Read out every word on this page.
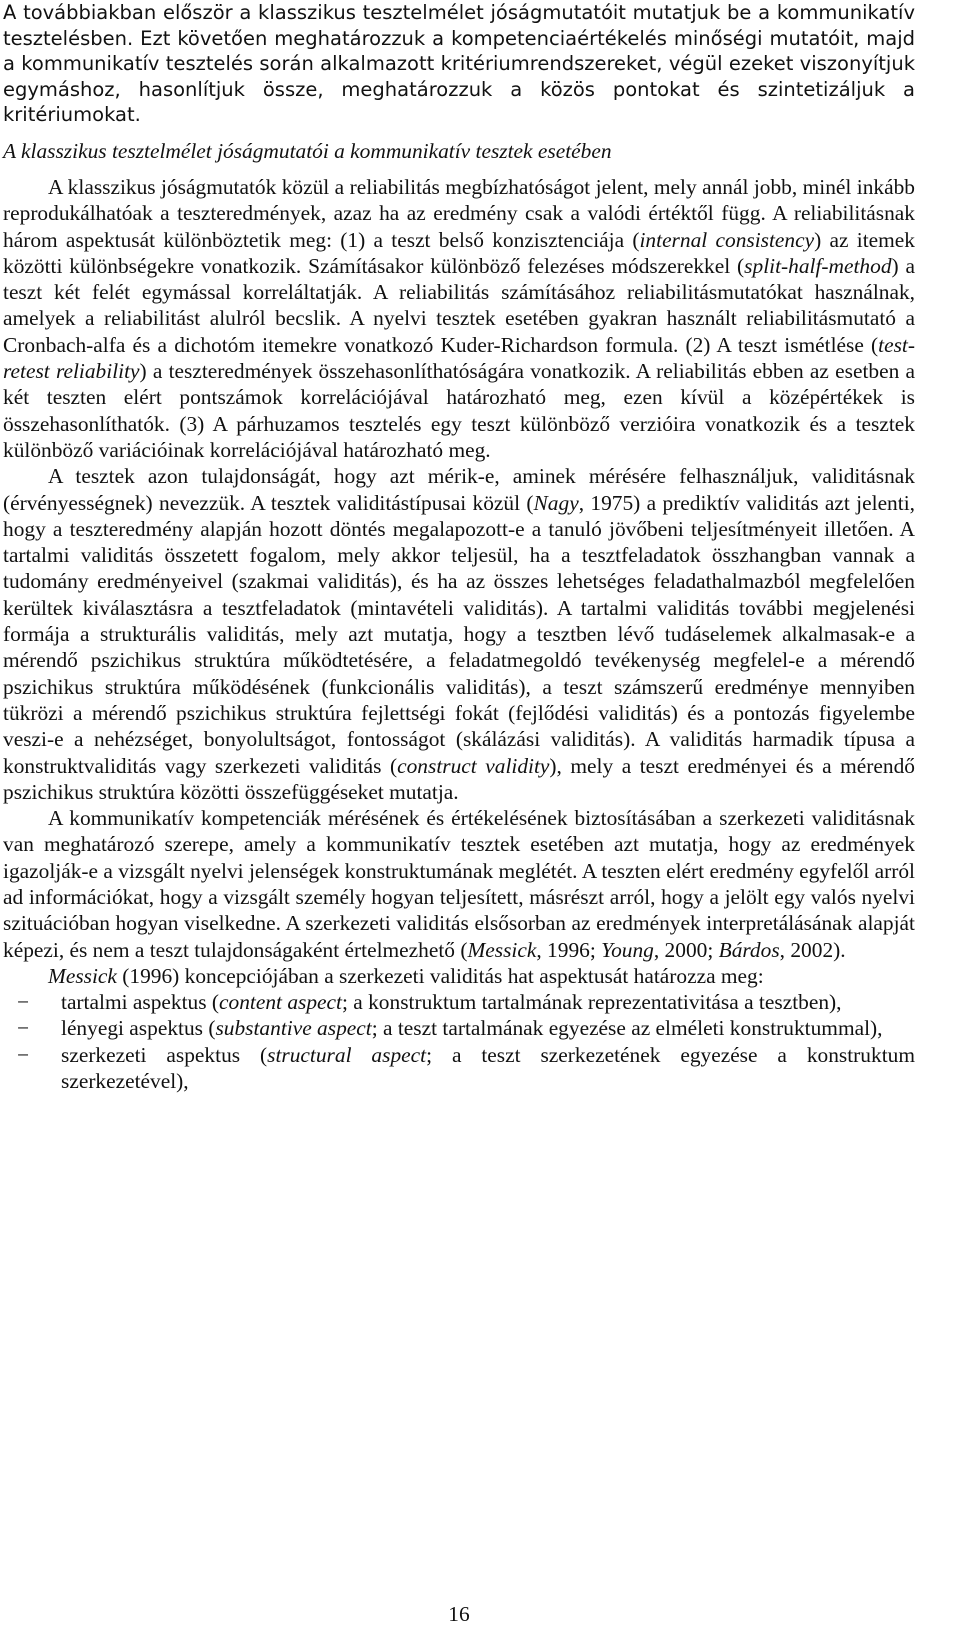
A továbbiakban először a klasszikus tesztelmélet jóságmutatóit mutatjuk be a kommunikatív tesztelésben. Ezt követően meghatározzuk a kompetenciaértékelés minőségi mutatóit, majd a kommunikatív tesztelés során alkalmazott kritériumrendszereket, végül ezeket viszonyítjuk egymáshoz, hasonlítjuk össze, meghatározzuk a közös pontokat és szintetizáljuk a kritériumokat.

A klasszikus tesztelmélet jóságmutatói a kommunikatív tesztek esetében

A klasszikus jóságmutatók közül a reliabilitás megbízhatóságot jelent, mely annál jobb, minél inkább reprodukálhatóak a teszteredmények, azaz ha az eredmény csak a valódi értéktől függ. A reliabilitásnak három aspektusát különböztetik meg: (1) a teszt belső konzisztenciája (internal consistency) az itemek közötti különbségekre vonatkozik. Számításakor különböző felezéses módszerekkel (split-half-method) a teszt két felét egymással korreláltatják. A reliabilitás számításához reliabilitásmutatókat használnak, amelyek a reliabilitást alulról becslik. A nyelvi tesztek esetében gyakran használt reliabilitásmutató a Cronbach-alfa és a dichotóm itemekre vonatkozó Kuder-Richardson formula. (2) A teszt ismétlése (test-retest reliability) a teszteredmények összehasonlíthatóságára vonatkozik. A reliabilitás ebben az esetben a két teszten elért pontszámok korrelációjával határozható meg, ezen kívül a középértékek is összehasonlíthatók. (3) A párhuzamos tesztelés egy teszt különböző verzióira vonatkozik és a tesztek különböző variációinak korrelációjával határozható meg.

A tesztek azon tulajdonságát, hogy azt mérik-e, aminek mérésére felhasználjuk, validitásnak (érvényességnek) nevezzük. A tesztek validitástípusai közül (Nagy, 1975) a prediktív validitás azt jelenti, hogy a teszteredmény alapján hozott döntés megalapozott-e a tanuló jövőbeni teljesítményeit illetően. A tartalmi validitás összetett fogalom, mely akkor teljesül, ha a tesztfeladatok összhangban vannak a tudomány eredményeivel (szakmai validitás), és ha az összes lehetséges feladathalmazból megfelelően kerültek kiválasztásra a tesztfeladatok (mintavételi validitás). A tartalmi validitás további megjelenési formája a strukturális validitás, mely azt mutatja, hogy a tesztben lévő tudáselemek alkalmasak-e a mérendő pszichikus struktúra működtetésére, a feladatmegoldó tevékenység megfelel-e a mérendő pszichikus struktúra működésének (funkcionális validitás), a teszt számszerű eredménye mennyiben tükrözi a mérendő pszichikus struktúra fejlettségi fokát (fejlődési validitás) és a pontozás figyelembe veszi-e a nehézséget, bonyolultságot, fontosságot (skálázási validitás). A validitás harmadik típusa a konstruktvaliditás vagy szerkezeti validitás (construct validity), mely a teszt eredményei és a mérendő pszichikus struktúra közötti összefüggéseket mutatja.

A kommunikatív kompetenciák mérésének és értékelésének biztosításában a szerkezeti validitásnak van meghatározó szerepe, amely a kommunikatív tesztek esetében azt mutatja, hogy az eredmények igazolják-e a vizsgált nyelvi jelenségek konstruktumának meglétét. A teszten elért eredmény egyfelől arról ad információkat, hogy a vizsgált személy hogyan teljesített, másrészt arról, hogy a jelölt egy valós nyelvi szituációban hogyan viselkedne. A szerkezeti validitás elsősorban az eredmények interpretálásának alapját képezi, és nem a teszt tulajdonságaként értelmezhető (Messick, 1996; Young, 2000; Bárdos, 2002).

Messick (1996) koncepciójában a szerkezeti validitás hat aspektusát határozza meg:

− tartalmi aspektus (content aspect; a konstruktum tartalmának reprezentativitása a tesztben),
− lényegi aspektus (substantive aspect; a teszt tartalmának egyezése az elméleti konstruktummal),
− szerkezeti aspektus (structural aspect; a teszt szerkezetének egyezése a konstruktum szerkezetével),
16
